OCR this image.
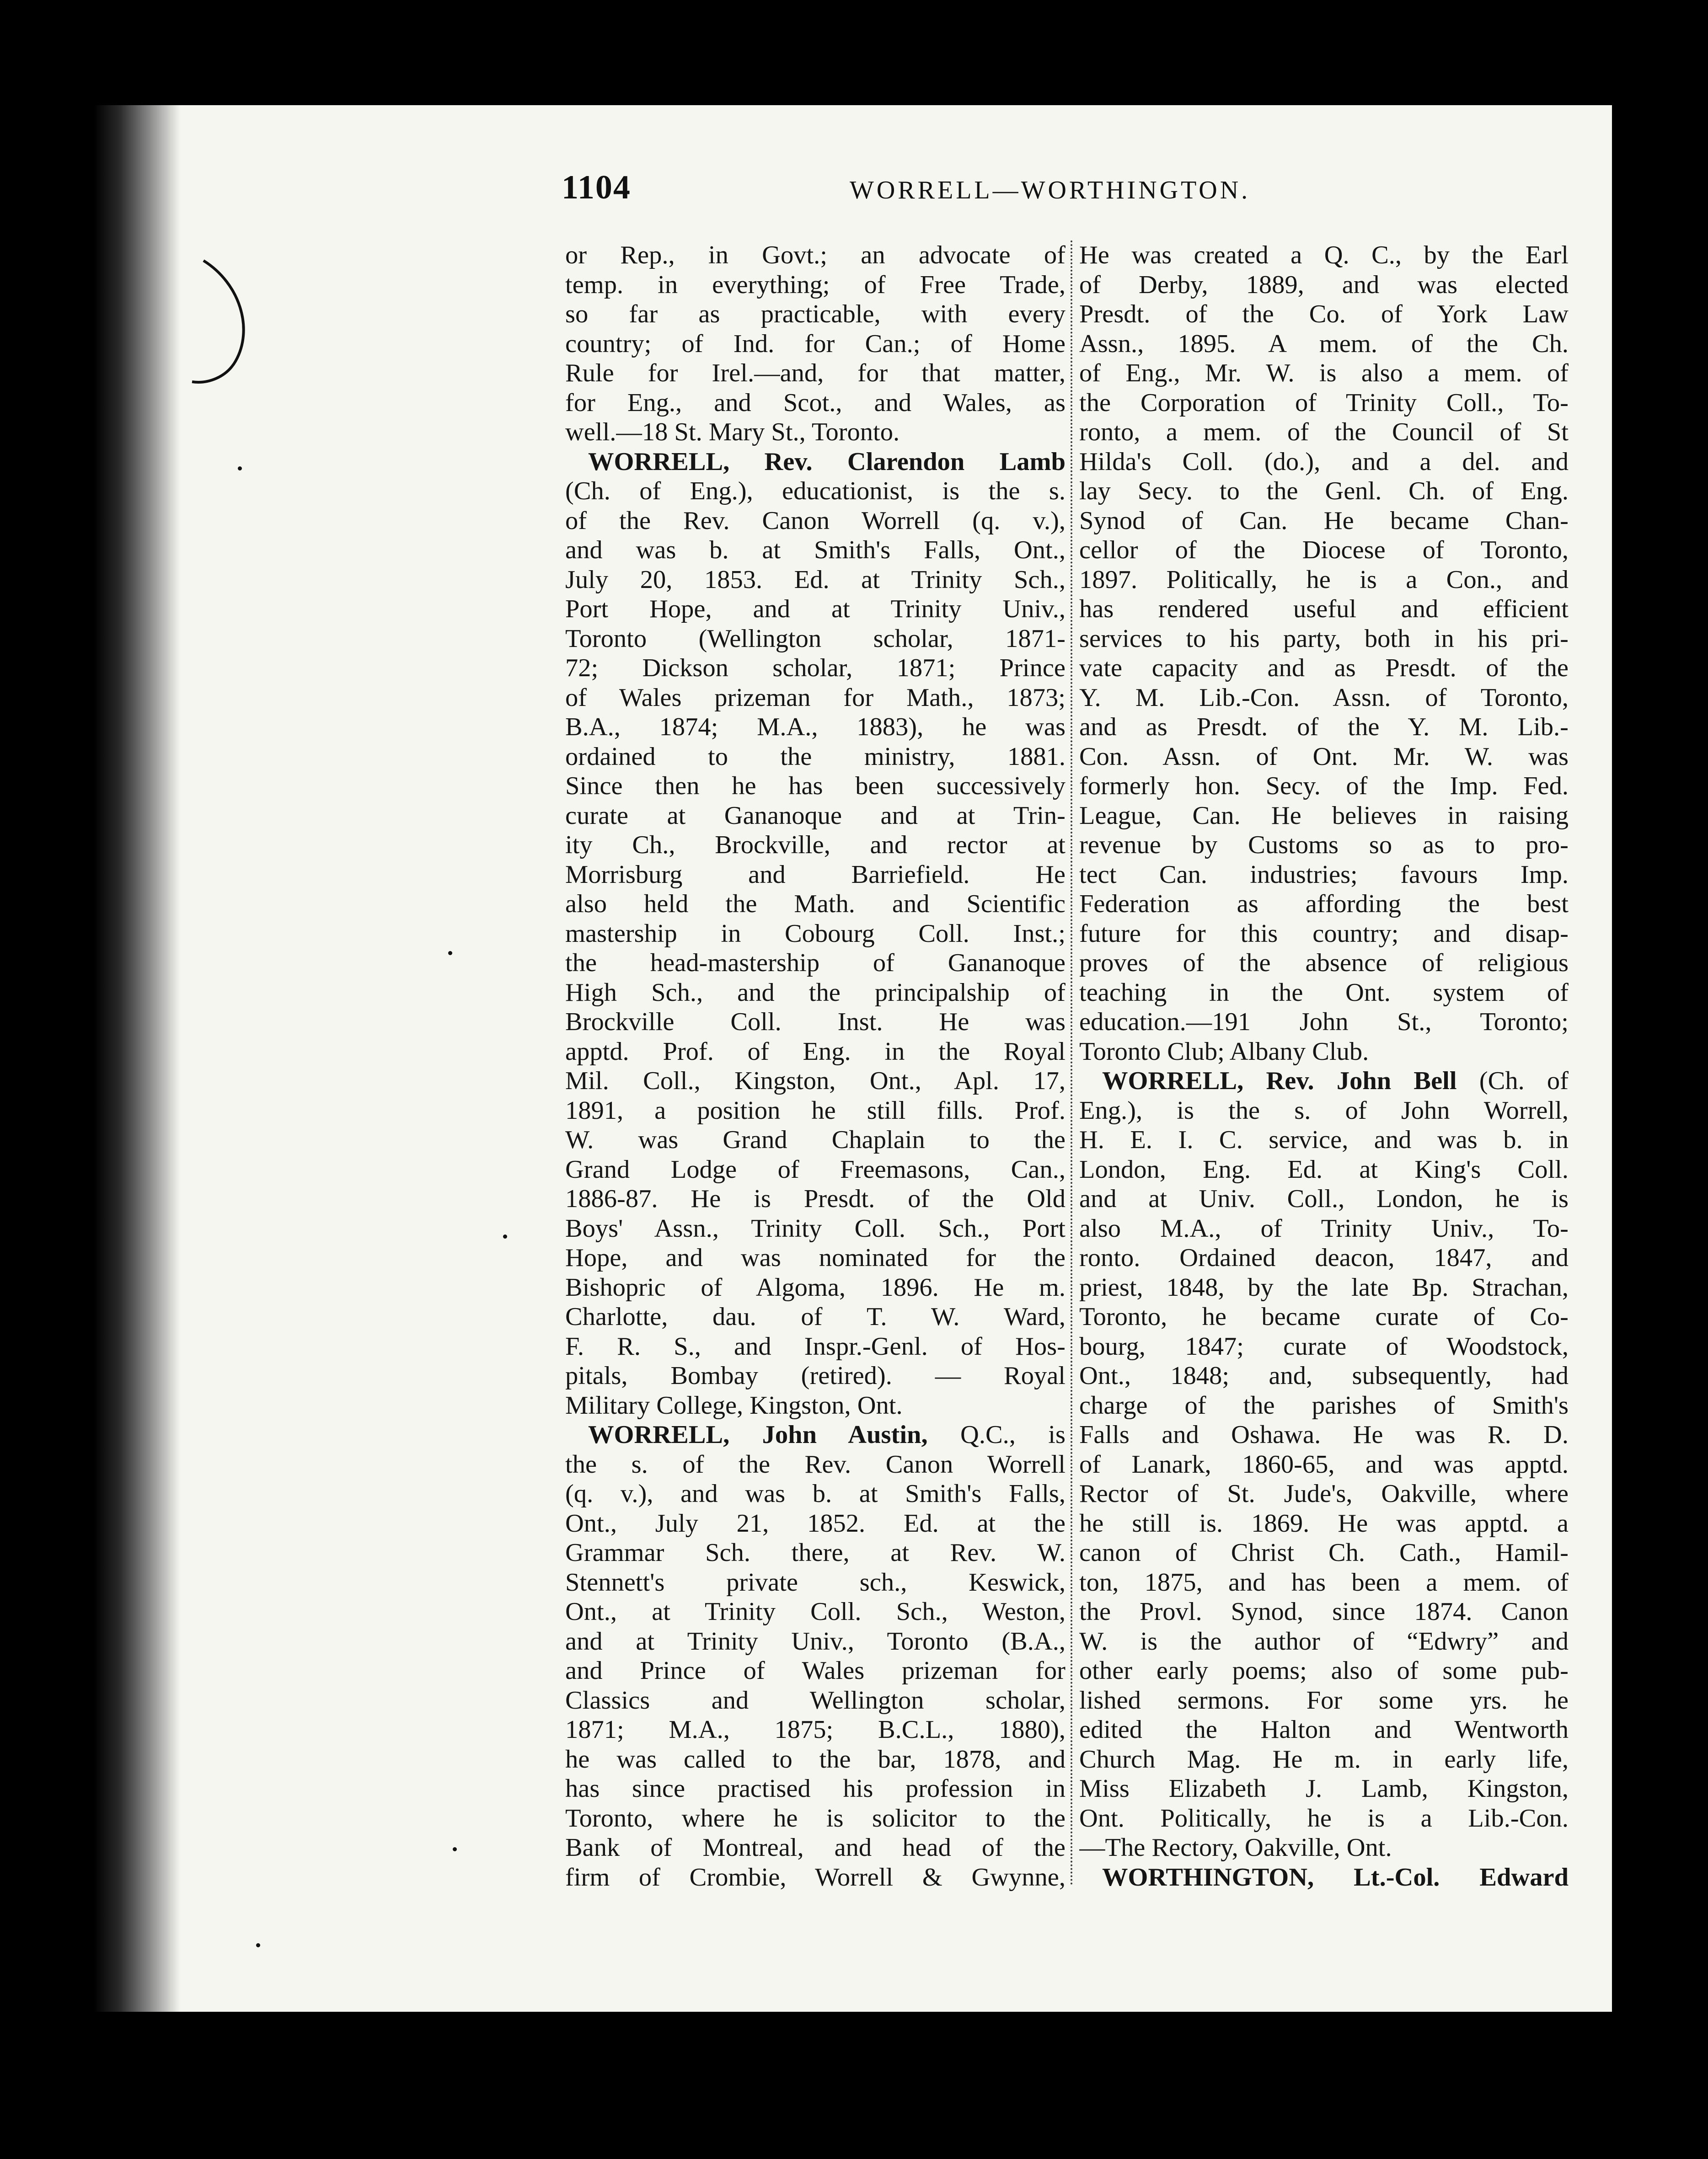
1104	WORRELL—WORTHINGTON.
or Rep., in Govt.; an advocate of
temp. in everything; of Free Trade,
so far as practicable, with every
country; of Ind. for Can.; of Home
Rule for Irel.—and, for that matter,
for Eng., and Scot., and Wales, as
well.—18 St. Mary St., Toronto.
WORRELL, Rev. Clarendon Lamb
(Ch. of Eng.), educationist, is the s.
of the Rev. Canon Worrell (q. v.),
and was b. at Smith's Falls, Ont.,
July 20, 1853. Ed. at Trinity Sch.,
Port Hope, and at Trinity Univ.,
Toronto (Wellington scholar, 1871-
72; Dickson scholar, 1871; Prince
of Wales prizeman for Math., 1873;
B.A., 1874; M.A., 1883), he was
ordained to the ministry, 1881.
Since then he has been successively
curate at Gananoque and at Trin-
ity Ch., Brockville, and rector at
Morrisburg and Barriefield. He
also held the Math. and Scientific
mastership in Cobourg Coll. Inst.;
the head-mastership of Gananoque
High Sch., and the principalship of
Brockville Coll. Inst. He was
apptd. Prof. of Eng. in the Royal
Mil. Coll., Kingston, Ont., Apl. 17,
1891, a position he still fills. Prof.
W. was Grand Chaplain to the
Grand Lodge of Freemasons, Can.,
1886-87. He is Presdt. of the Old
Boys' Assn., Trinity Coll. Sch., Port
Hope, and was nominated for the
Bishopric of Algoma, 1896. He m.
Charlotte, dau. of T. W. Ward,
F. R. S., and Inspr.-Genl. of Hos-
pitals, Bombay (retired). — Royal
Military College, Kingston, Ont.
WORRELL, John Austin, Q.C., is
the s. of the Rev. Canon Worrell
(q. v.), and was b. at Smith's Falls,
Ont., July 21, 1852. Ed. at the
Grammar Sch. there, at Rev. W.
Stennett's private sch., Keswick,
Ont., at Trinity Coll. Sch., Weston,
and at Trinity Univ., Toronto (B.A.,
and Prince of Wales prizeman for
Classics and Wellington scholar,
1871; M.A., 1875; B.C.L., 1880),
he was called to the bar, 1878, and
has since practised his profession in
Toronto, where he is solicitor to the
Bank of Montreal, and head of the
firm of Crombie, Worrell & Gwynne,
He was created a Q. C., by the Earl
of Derby, 1889, and was elected
Presdt. of the Co. of York Law
Assn., 1895. A mem. of the Ch.
of Eng., Mr. W. is also a mem. of
the Corporation of Trinity Coll., To-
ronto, a mem. of the Council of St
Hilda's Coll. (do.), and a del. and
lay Secy. to the Genl. Ch. of Eng.
Synod of Can. He became Chan-
cellor of the Diocese of Toronto,
1897. Politically, he is a Con., and
has rendered useful and efficient
services to his party, both in his pri-
vate capacity and as Presdt. of the
Y. M. Lib.-Con. Assn. of Toronto,
and as Presdt. of the Y. M. Lib.-
Con. Assn. of Ont. Mr. W. was
formerly hon. Secy. of the Imp. Fed.
League, Can. He believes in raising
revenue by Customs so as to pro-
tect Can. industries; favours Imp.
Federation as affording the best
future for this country; and disap-
proves of the absence of religious
teaching in the Ont. system of
education.—191 John St., Toronto;
Toronto Club; Albany Club.
WORRELL, Rev. John Bell (Ch. of
Eng.), is the s. of John Worrell,
H. E. I. C. service, and was b. in
London, Eng. Ed. at King's Coll.
and at Univ. Coll., London, he is
also M.A., of Trinity Univ., To-
ronto. Ordained deacon, 1847, and
priest, 1848, by the late Bp. Strachan,
Toronto, he became curate of Co-
bourg, 1847; curate of Woodstock,
Ont., 1848; and, subsequently, had
charge of the parishes of Smith's
Falls and Oshawa. He was R. D.
of Lanark, 1860-65, and was apptd.
Rector of St. Jude's, Oakville, where
he still is. 1869. He was apptd. a
canon of Christ Ch. Cath., Hamil-
ton, 1875, and has been a mem. of
the Provl. Synod, since 1874. Canon
W. is the author of “Edwry” and
other early poems; also of some pub-
lished sermons. For some yrs. he
edited the Halton and Wentworth
Church Mag. He m. in early life,
Miss Elizabeth J. Lamb, Kingston,
Ont. Politically, he is a Lib.-Con.
—The Rectory, Oakville, Ont.
WORTHINGTON, Lt.-Col. Edward
